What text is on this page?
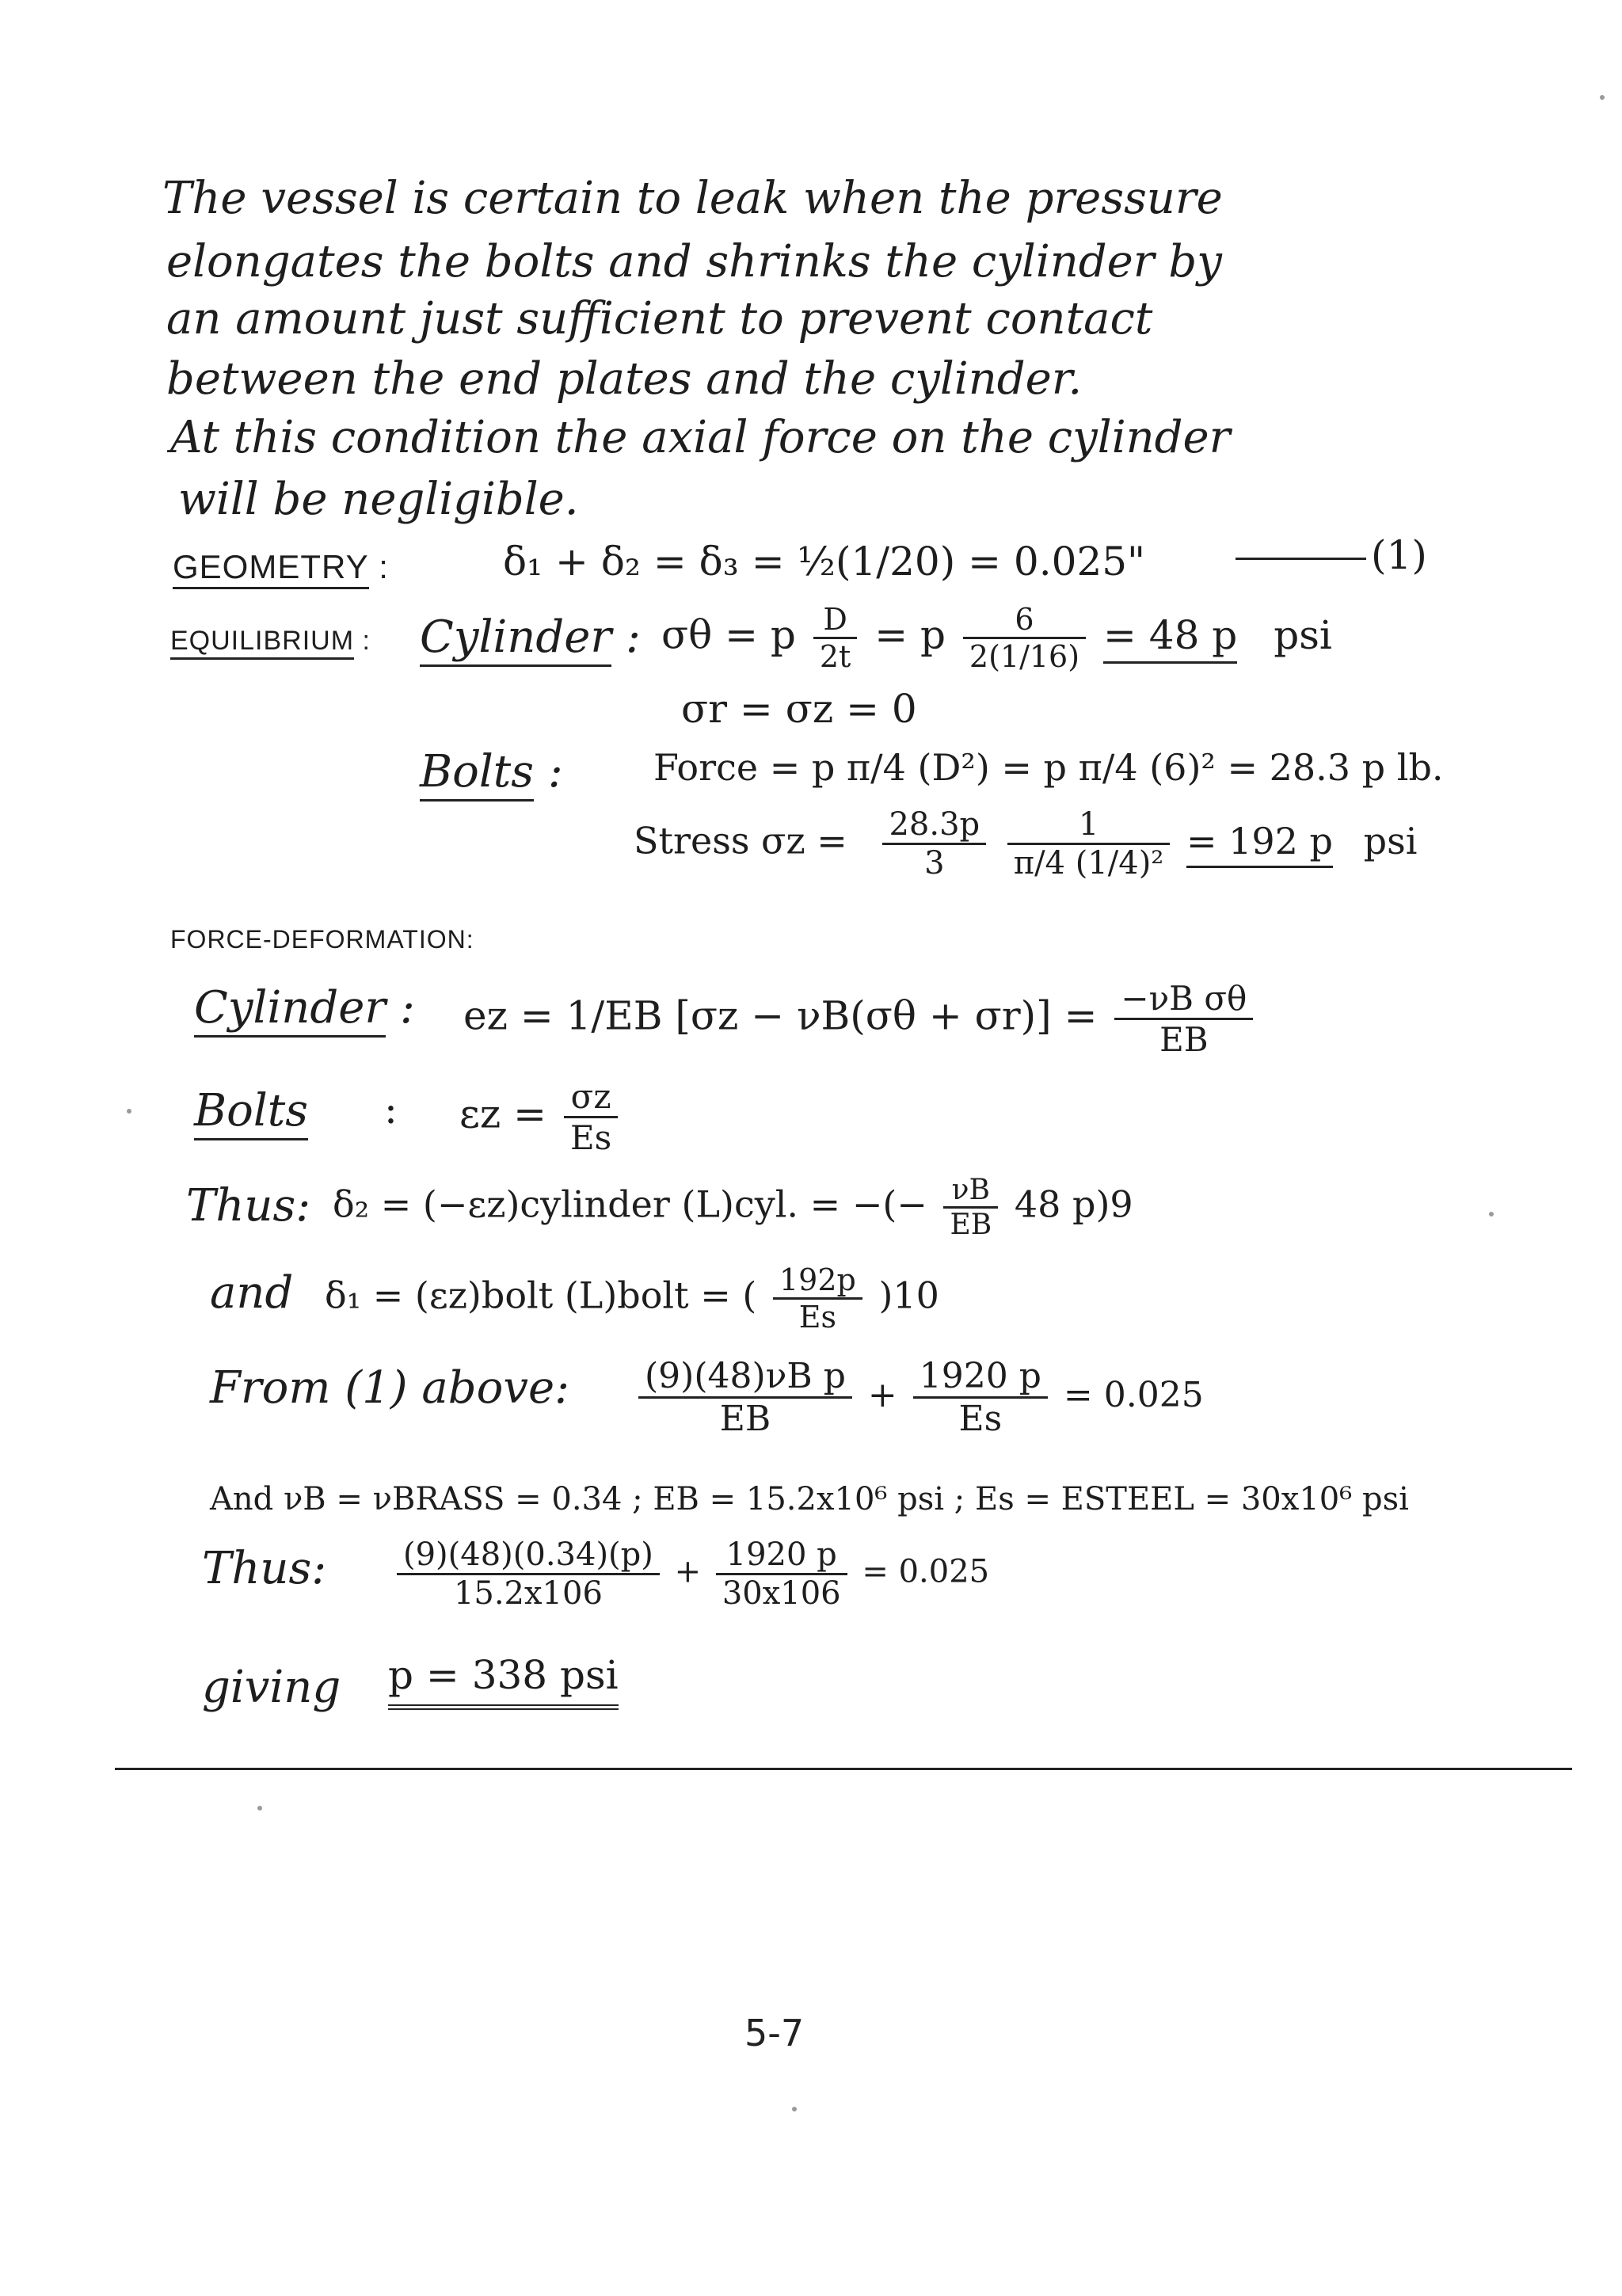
The vessel is certain to leak when the pressure
elongates the bolts and shrinks the cylinder by
an amount just sufficient to prevent contact
between the end plates and the cylinder.
At this condition the axial force on the cylinder
will be negligible.
GEOMETRY :	δ₁ + δ₂ = δ₃ = ½(1/20) = 0.025"	(1)
EQUILIBRIUM : Cylinder : σθ = p $\frac{D}{2t} = p \frac{6}{2(1/16)} = 48$ p psi
σr = σz = 0
Bolts : Force = p π/4 (D²) = p π/4 (6)² = 28.3 p lb.
Stress $\sigma z = \frac{28.3p}{3}$
$\frac{1}{\text{π/4 (1/4)²}} = 192$ p psi
FORCE-DEFORMATION:
Cylinder : ez = 1/EB $[\sigma z - \nu B(\sigma\theta + \sigma r)] = \frac{\text{−νB σθ}}{EB}$
Bolts : $\varepsilon z = \frac{\sigma z}{Es}$
Thus: δ₂ = (−εz)cylinder (L)cyl. = −(− $\frac{\nu B}{EB} 48$ p)9
and δ₁ = (εz)bolt (L)bolt = ( $\frac{192p}{Es} )10$
From (1) above: $\frac{\text{(9)(48)νB p}}{EB} + \frac{1920 p}{Es} = 0.025$
And νB = νBRASS = 0.34 ; EB = 15.2x10⁶ psi ; Es = ESTEEL = 30x10⁶ psi
Thus: $\frac{(9)(48)(0.34)(p)}{15.2x106} + \frac{1920 p}{30x106} = 0.025$
giving p = 338 psi
5-7
